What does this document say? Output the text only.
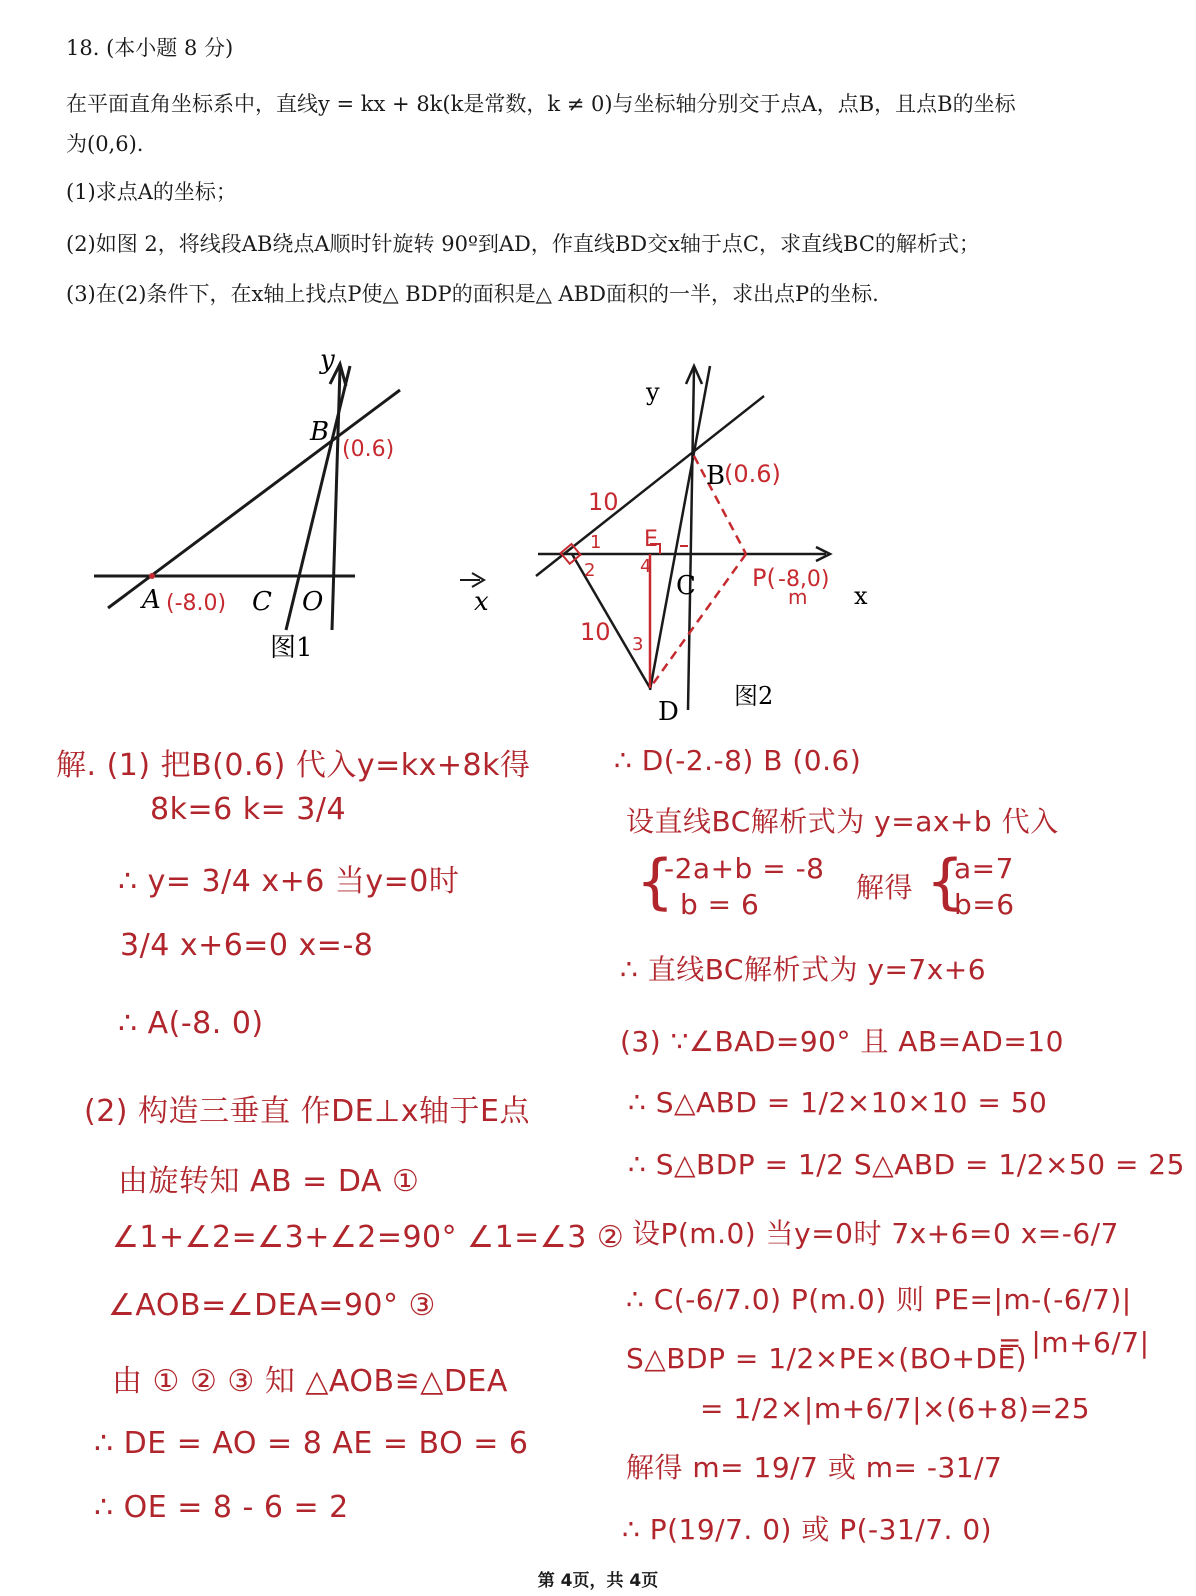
18. (本小题 8 分)
在平面直角坐标系中，直线y = kx + 8k(k是常数，k ≠ 0)与坐标轴分别交于点A，点B，且点B的坐标
为(0,6).
(1)求点A的坐标；
(2)如图 2，将线段AB绕点A顺时针旋转 90º到AD，作直线BD交x轴于点C，求直线BC的解析式；
(3)在(2)条件下，在x轴上找点P使△ BDP的面积是△ ABD面积的一半，求出点P的坐标.
y
x
B
(0.6)
A (-8.0) C O
图1
y
x
B
(0.6)
C
D
E
P( -8,0)
m
10
10
1
2
3
4
图2
解. (1) 把B(0.6) 代入y=kx+8k得
8k=6 k= 3/4
∴ y= 3/4 x+6 当y=0时
3/4 x+6=0 x=-8
∴ A(-8. 0)
(2) 构造三垂直 作DE⊥x轴于E点
由旋转知 AB = DA ①
∠1+∠2=∠3+∠2=90° ∠1=∠3 ②
∠AOB=∠DEA=90° ③
由 ① ② ③ 知 △AOB≌△DEA
∴ DE = AO = 8 AE = BO = 6
∴ OE = 8 - 6 = 2
∴ D(-2.-8) B (0.6)
设直线BC解析式为 y=ax+b 代入
{
-2a+b = -8
b = 6
解得 {
a=7
b=6
∴ 直线BC解析式为 y=7x+6
(3) ∵∠BAD=90° 且 AB=AD=10
∴ S△ABD = 1/2×10×10 = 50
∴ S△BDP = 1/2 S△ABD = 1/2×50 = 25
设P(m.0) 当y=0时 7x+6=0 x=-6/7
∴ C(-6/7.0) P(m.0) 则 PE=|m-(-6/7)|
= |m+6/7|
S△BDP = 1/2×PE×(BO+DE)
= 1/2×|m+6/7|×(6+8)=25
解得 m= 19/7 或 m= -31/7
∴ P(19/7. 0) 或 P(-31/7. 0)
第 4页，共 4页
